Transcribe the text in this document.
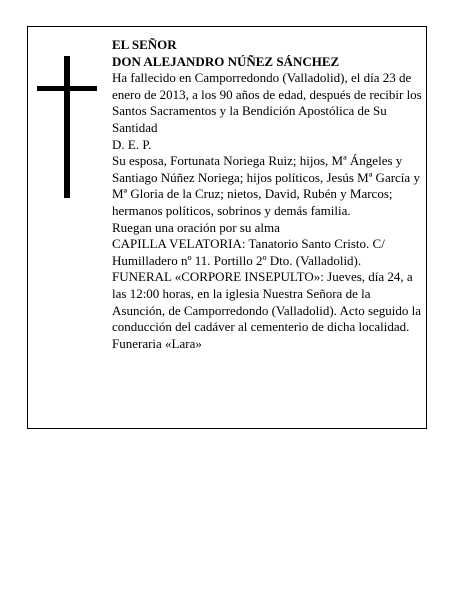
EL SEÑOR

DON ALEJANDRO NÚÑEZ SÁNCHEZ

Ha fallecido en Camporredondo (Valladolid), el día 23 de enero de 2013, a los 90 años de edad, después de recibir los Santos Sacramentos y la Bendición Apostólica de Su Santidad

D. E. P.

Su esposa, Fortunata Noriega Ruiz; hijos, Mª Ángeles y Santiago Núñez Noriega; hijos políticos, Jesús Mª García y Mª Gloria de la Cruz; nietos, David, Rubén y Marcos; hermanos políticos, sobrinos y demás familia.

Ruegan una oración por su alma

CAPILLA VELATORIA: Tanatorio Santo Cristo. C/ Humilladero nº 11. Portillo 2º Dto. (Valladolid).

FUNERAL «CORPORE INSEPULTO»: Jueves, día 24, a las 12:00 horas, en la iglesia Nuestra Señora de la Asunción, de Camporredondo (Valladolid). Acto seguido la conducción del cadáver al cementerio de dicha localidad.

Funeraria «Lara»
